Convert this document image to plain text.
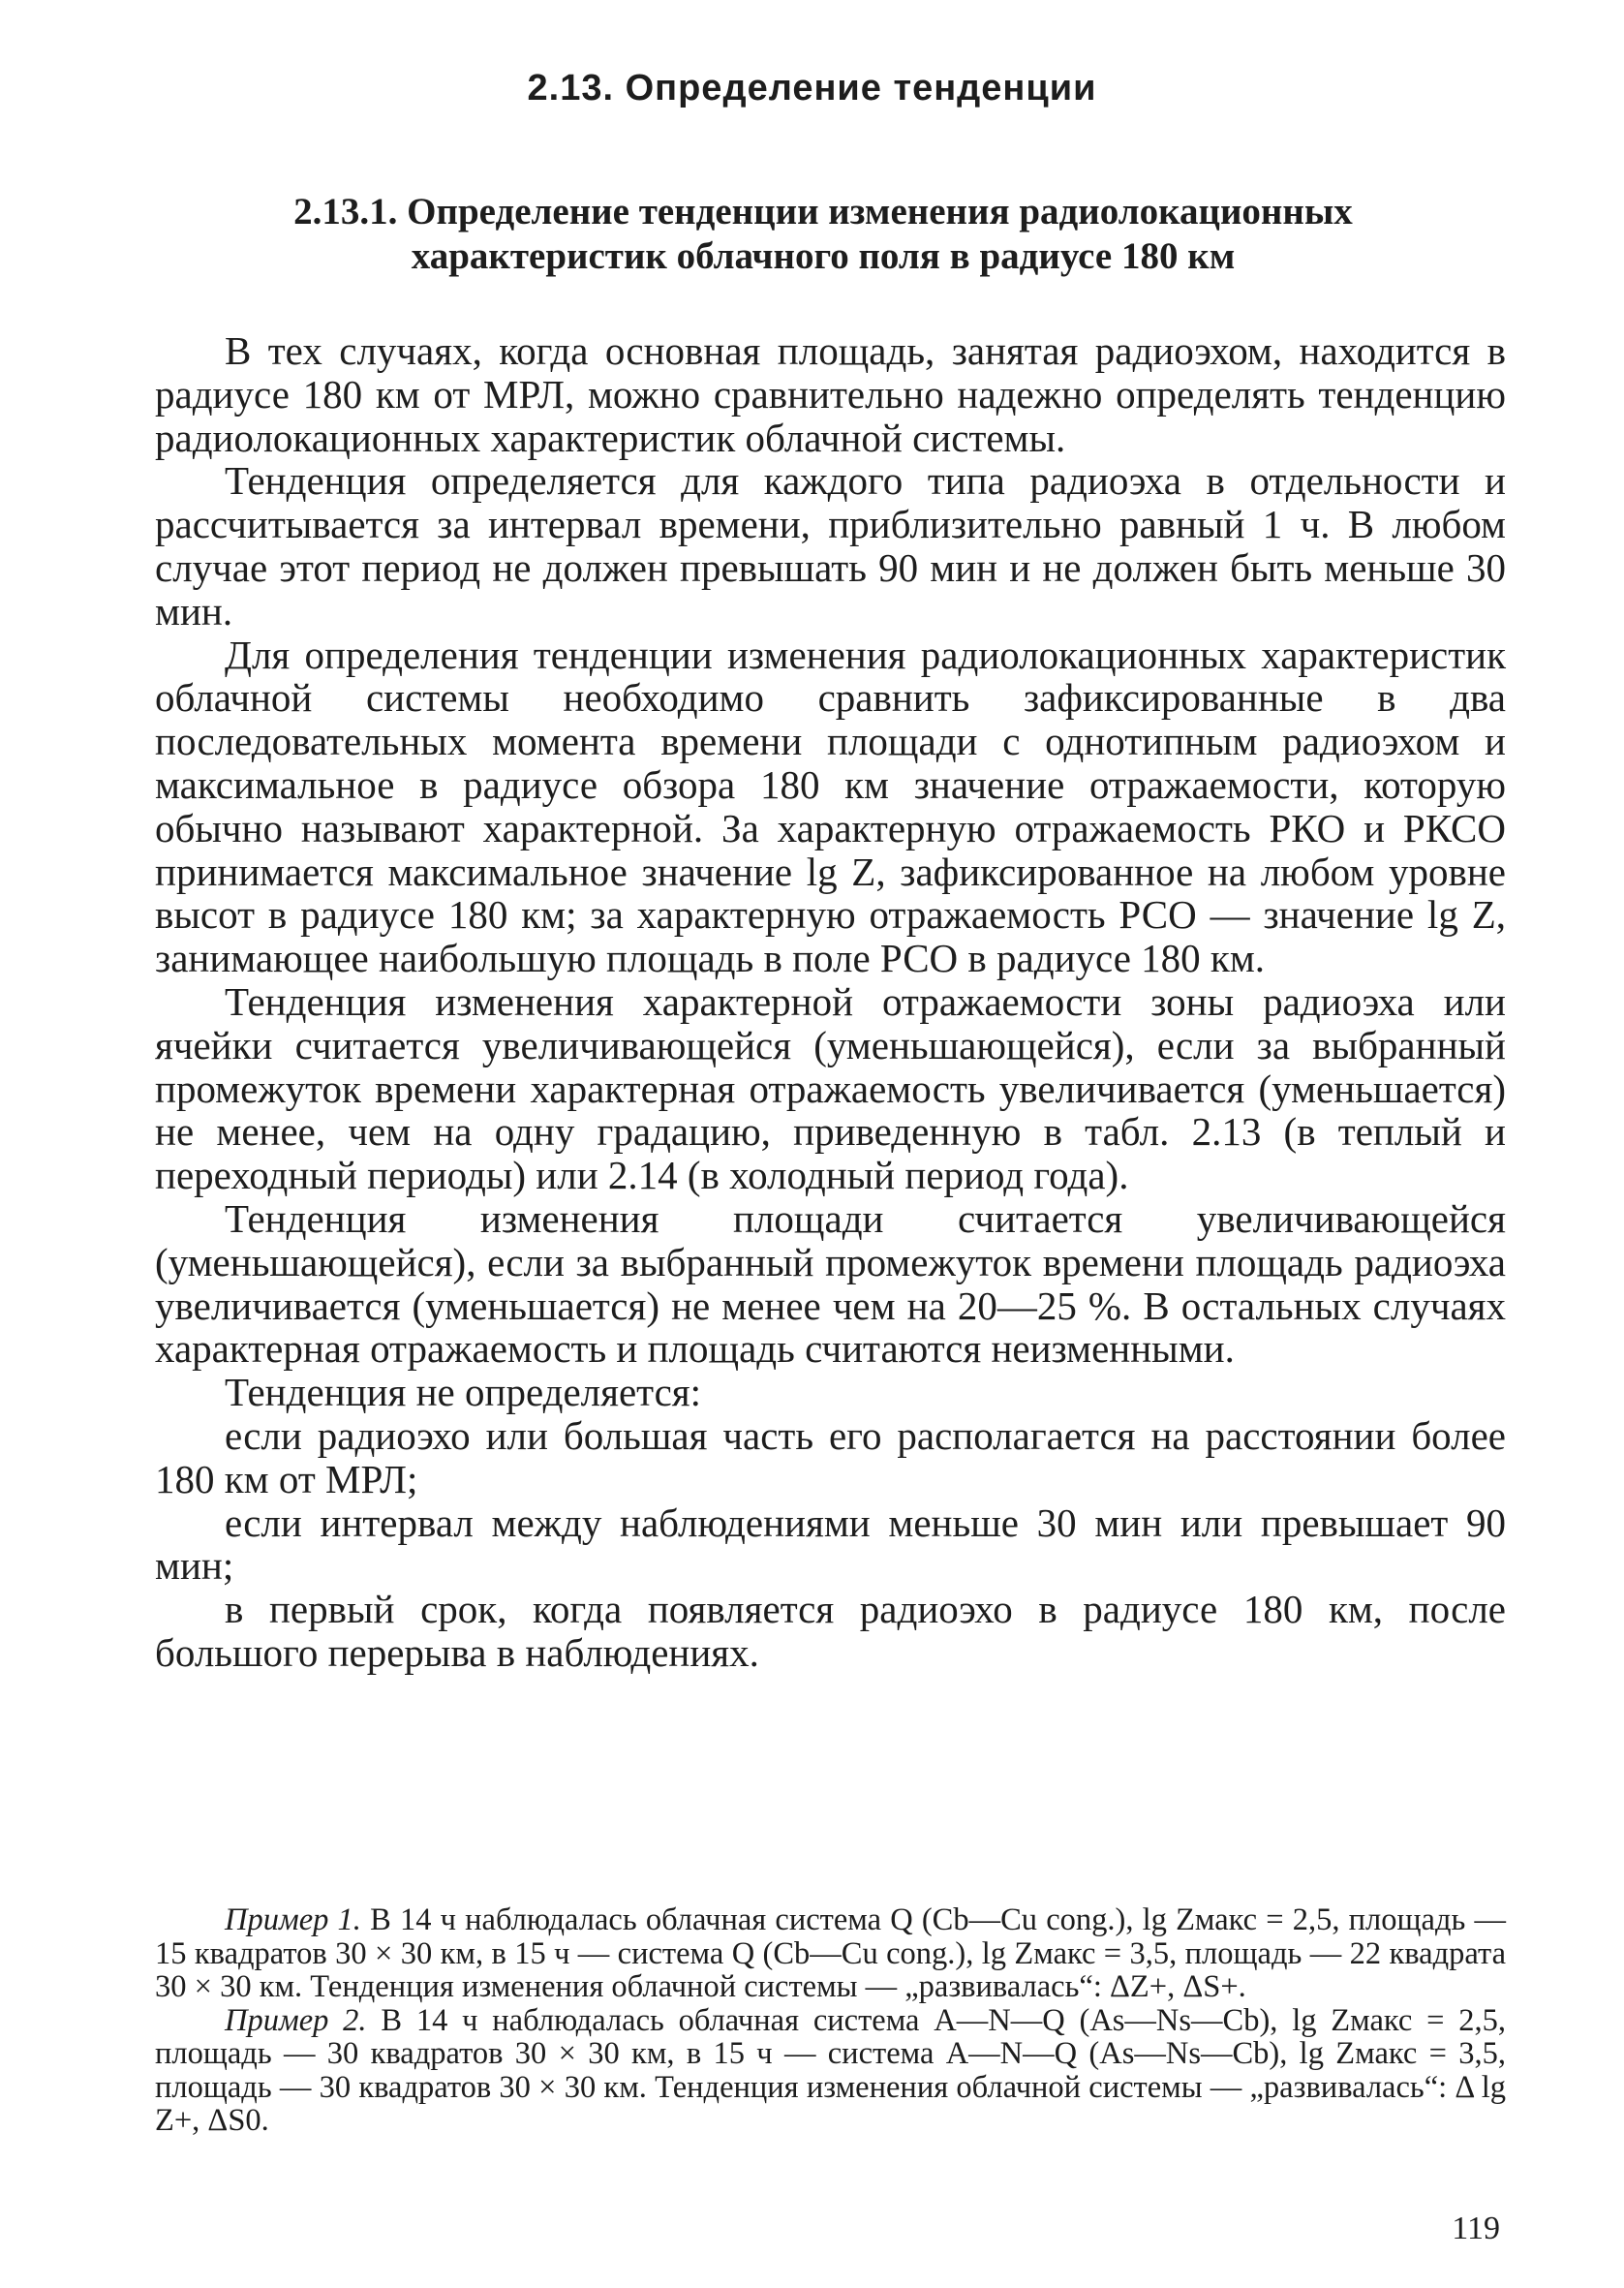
2.13. Определение тенденции
2.13.1. Определение тенденции изменения радиолокационных характеристик облачного поля в радиусе 180 км

В тех случаях, когда основная площадь, занятая радиоэхом, находится в радиусе 180 км от МРЛ, можно сравнительно надежно определять тенденцию радиолокационных характеристик облачной системы.

Тенденция определяется для каждого типа радиоэха в отдельности и рассчитывается за интервал времени, приблизительно равный 1 ч. В любом случае этот период не должен превышать 90 мин и не должен быть меньше 30 мин.

Для определения тенденции изменения радиолокационных характеристик облачной системы необходимо сравнить зафиксированные в два последовательных момента времени площади с однотипным радиоэхом и максимальное в радиусе обзора 180 км значение отражаемости, которую обычно называют характерной. За характерную отражаемость РКО и РКСО принимается максимальное значение lg Z, зафиксированное на любом уровне высот в радиусе 180 км; за характерную отражаемость РСО — значение lg Z, занимающее наибольшую площадь в поле РСО в радиусе 180 км.

Тенденция изменения характерной отражаемости зоны радиоэха или ячейки считается увеличивающейся (уменьшающейся), если за выбранный промежуток времени характерная отражаемость увеличивается (уменьшается) не менее, чем на одну градацию, приведенную в табл. 2.13 (в теплый и переходный периоды) или 2.14 (в холодный период года).

Тенденция изменения площади считается увеличивающейся (уменьшающейся), если за выбранный промежуток времени площадь радиоэха увеличивается (уменьшается) не менее чем на 20—25 %. В остальных случаях характерная отражаемость и площадь считаются неизменными.

Тенденция не определяется:

если радиоэхо или большая часть его располагается на расстоянии более 180 км от МРЛ;

если интервал между наблюдениями меньше 30 мин или превышает 90 мин;

в первый срок, когда появляется радиоэхо в радиусе 180 км, после большого перерыва в наблюдениях.

Пример 1. В 14 ч наблюдалась облачная система Q (Cb—Cu cong.), lg Zмакс = 2,5, площадь — 15 квадратов 30 × 30 км, в 15 ч — система Q (Cb—Cu cong.), lg Zмакс = 3,5, площадь — 22 квадрата 30 × 30 км. Тенденция изменения облачной системы — „развивалась“: ΔZ+, ΔS+.

Пример 2. В 14 ч наблюдалась облачная система A—N—Q (As—Ns—Cb), lg Zмакс = 2,5, площадь — 30 квадратов 30 × 30 км, в 15 ч — система A—N—Q (As—Ns—Cb), lg Zмакс = 3,5, площадь — 30 квадратов 30 × 30 км. Тенденция изменения облачной системы — „развивалась“: Δ lg Z+, ΔS0.

119
